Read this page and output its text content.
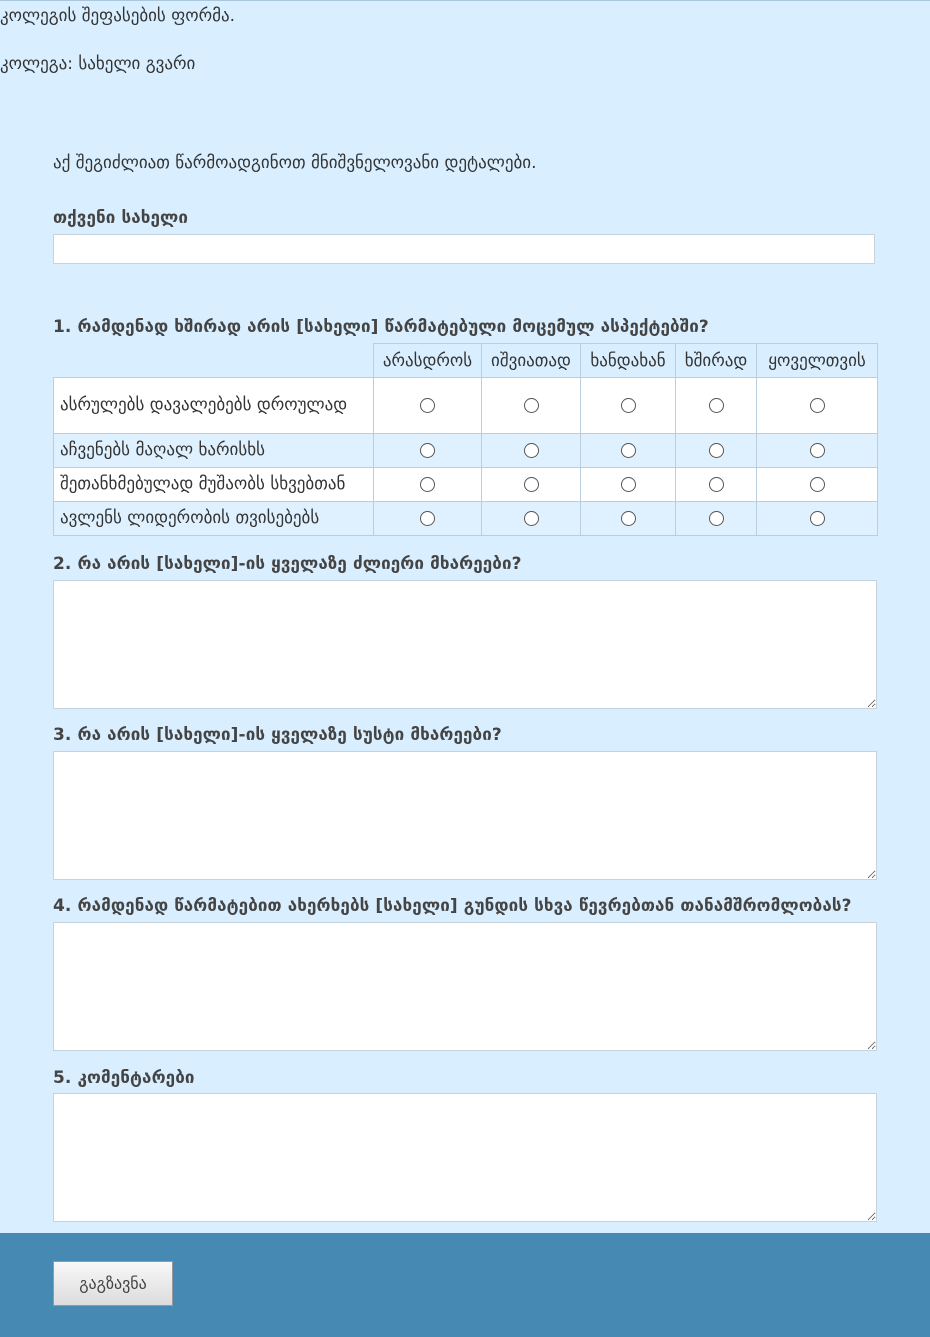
კოლეგის შეფასების ფორმა.
კოლეგა: სახელი გვარი
აქ შეგიძლიათ წარმოადგინოთ მნიშვნელოვანი დეტალები.
თქვენი სახელი
1. რამდენად ხშირად არის [სახელი] წარმატებული მოცემულ ასპექტებში?
	არასდროს	იშვიათად	ხანდახან	ხშირად	ყოველთვის
ასრულებს დავალებებს დროულად					
აჩვენებს მაღალ ხარისხს					
შეთანხმებულად მუშაობს სხვებთან					
ავლენს ლიდერობის თვისებებს					
2. რა არის [სახელი]-ის ყველაზე ძლიერი მხარეები?
3. რა არის [სახელი]-ის ყველაზე სუსტი მხარეები?
4. რამდენად წარმატებით ახერხებს [სახელი] გუნდის სხვა წევრებთან თანამშრომლობას?
5. კომენტარები
გაგზავნა
